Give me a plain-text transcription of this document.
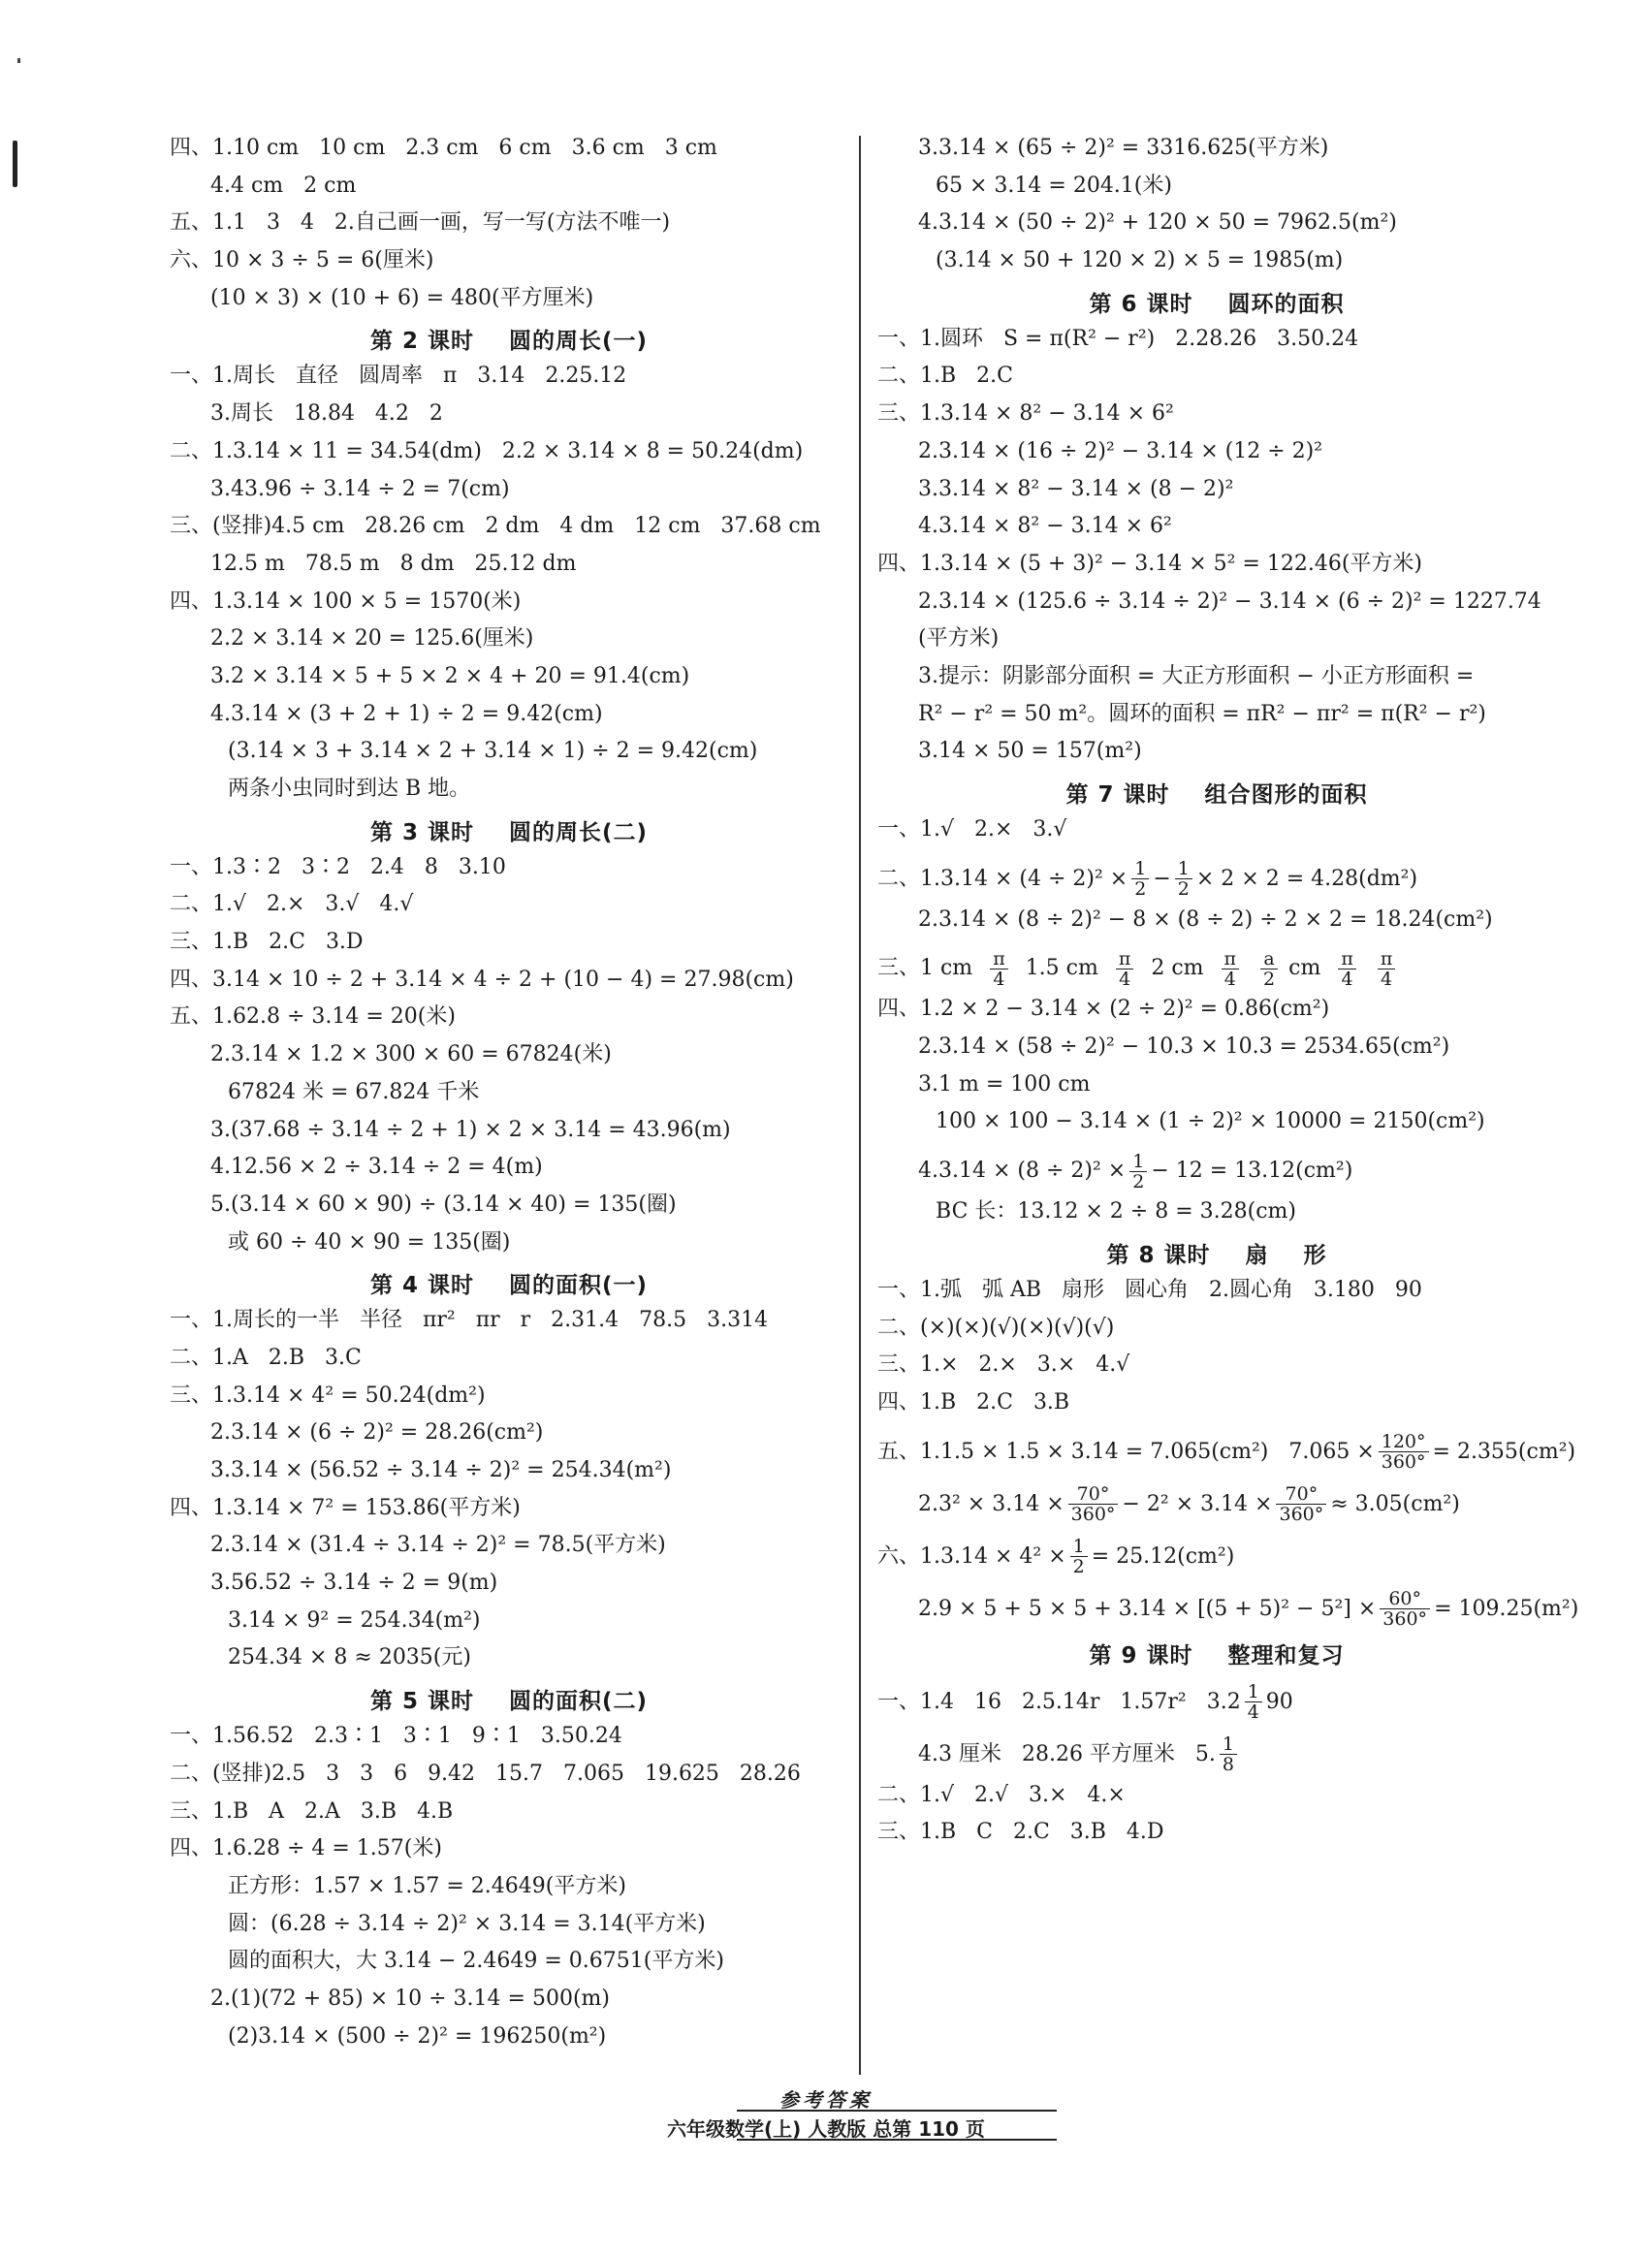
四、1.10 cm   10 cm   2.3 cm   6 cm   3.6 cm   3 cm
4.4 cm   2 cm
五、1.1   3   4   2.自己画一画，写一写(方法不唯一)
六、10 × 3 ÷ 5 = 6(厘米)
(10 × 3) × (10 + 6) = 480(平方厘米)
第 2 课时    圆的周长(一)
一、1.周长   直径   圆周率   π   3.14   2.25.12
3.周长   18.84   4.2   2
二、1.3.14 × 11 = 34.54(dm)   2.2 × 3.14 × 8 = 50.24(dm)
3.43.96 ÷ 3.14 ÷ 2 = 7(cm)
三、(竖排)4.5 cm   28.26 cm   2 dm   4 dm   12 cm   37.68 cm
12.5 m   78.5 m   8 dm   25.12 dm
四、1.3.14 × 100 × 5 = 1570(米)
2.2 × 3.14 × 20 = 125.6(厘米)
3.2 × 3.14 × 5 + 5 × 2 × 4 + 20 = 91.4(cm)
4.3.14 × (3 + 2 + 1) ÷ 2 = 9.42(cm)
(3.14 × 3 + 3.14 × 2 + 3.14 × 1) ÷ 2 = 9.42(cm)
两条小虫同时到达 B 地。
第 3 课时    圆的周长(二)
一、1.3∶2   3∶2   2.4   8   3.10
二、1.√   2.×   3.√   4.√
三、1.B   2.C   3.D
四、3.14 × 10 ÷ 2 + 3.14 × 4 ÷ 2 + (10 − 4) = 27.98(cm)
五、1.62.8 ÷ 3.14 = 20(米)
2.3.14 × 1.2 × 300 × 60 = 67824(米)
67824 米 = 67.824 千米
3.(37.68 ÷ 3.14 ÷ 2 + 1) × 2 × 3.14 = 43.96(m)
4.12.56 × 2 ÷ 3.14 ÷ 2 = 4(m)
5.(3.14 × 60 × 90) ÷ (3.14 × 40) = 135(圈)
或 60 ÷ 40 × 90 = 135(圈)
第 4 课时    圆的面积(一)
一、1.周长的一半   半径   πr²   πr   r   2.31.4   78.5   3.314
二、1.A   2.B   3.C
三、1.3.14 × 4² = 50.24(dm²)
2.3.14 × (6 ÷ 2)² = 28.26(cm²)
3.3.14 × (56.52 ÷ 3.14 ÷ 2)² = 254.34(m²)
四、1.3.14 × 7² = 153.86(平方米)
2.3.14 × (31.4 ÷ 3.14 ÷ 2)² = 78.5(平方米)
3.56.52 ÷ 3.14 ÷ 2 = 9(m)
3.14 × 9² = 254.34(m²)
254.34 × 8 ≈ 2035(元)
第 5 课时    圆的面积(二)
一、1.56.52   2.3∶1   3∶1   9∶1   3.50.24
二、(竖排)2.5   3   3   6   9.42   15.7   7.065   19.625   28.26
三、1.B   A   2.A   3.B   4.B
四、1.6.28 ÷ 4 = 1.57(米)
正方形：1.57 × 1.57 = 2.4649(平方米)
圆：(6.28 ÷ 3.14 ÷ 2)² × 3.14 = 3.14(平方米)
圆的面积大，大 3.14 − 2.4649 = 0.6751(平方米)
2.(1)(72 + 85) × 10 ÷ 3.14 = 500(m)
(2)3.14 × (500 ÷ 2)² = 196250(m²)
3.3.14 × (65 ÷ 2)² = 3316.625(平方米)
65 × 3.14 = 204.1(米)
4.3.14 × (50 ÷ 2)² + 120 × 50 = 7962.5(m²)
(3.14 × 50 + 120 × 2) × 5 = 1985(m)
第 6 课时    圆环的面积
一、1.圆环   S = π(R² − r²)   2.28.26   3.50.24
二、1.B   2.C
三、1.3.14 × 8² − 3.14 × 6²
2.3.14 × (16 ÷ 2)² − 3.14 × (12 ÷ 2)²
3.3.14 × 8² − 3.14 × (8 − 2)²
4.3.14 × 8² − 3.14 × 6²
四、1.3.14 × (5 + 3)² − 3.14 × 5² = 122.46(平方米)
2.3.14 × (125.6 ÷ 3.14 ÷ 2)² − 3.14 × (6 ÷ 2)² = 1227.74
(平方米)
3.提示：阴影部分面积 = 大正方形面积 − 小正方形面积 =
R² − r² = 50 m²。圆环的面积 = πR² − πr² = π(R² − r²)
3.14 × 50 = 157(m²)
第 7 课时    组合图形的面积
一、1.√   2.×   3.√
二、$1.3.14 \times (4 \div 2)^2 \times \frac{1}{2} - \frac{1}{2} \times 2 \times 2 = 4.28(dm^2)$
2.3.14 × (8 ÷ 2)² − 8 × (8 ÷ 2) ÷ 2 × 2 = 18.24(cm²)
三、1 cm $\frac{\pi}{4} 1.5$ cm $\frac{\pi}{4} 2$ cm $\frac{\pi}{4}$
$\frac{a}{2}$ cm $\frac{\pi}{4}$
$\frac{\pi}{4}$
四、1.2 × 2 − 3.14 × (2 ÷ 2)² = 0.86(cm²)
2.3.14 × (58 ÷ 2)² − 10.3 × 10.3 = 2534.65(cm²)
3.1 m = 100 cm
100 × 100 − 3.14 × (1 ÷ 2)² × 10000 = 2150(cm²)
$4.3.14 \times (8 \div 2)^2 \times \frac{1}{2} - 12 = 13.12(cm^2)$
BC 长：13.12 × 2 ÷ 8 = 3.28(cm)
第 8 课时    扇    形
一、1.弧   弧 AB   扇形   圆心角   2.圆心角   3.180   90
二、(×)(×)(√)(×)(√)(√)
三、1.×   2.×   3.×   4.√
四、1.B   2.C   3.B
五、1.1.5 × 1.5 × 3.14 = 7.065(cm²)   $7.065 \times \frac{120^\circ}{360^\circ} = 2.355(cm^2)$
$2.3^2 \times 3.14 \times \frac{70^\circ}{360^\circ} - 2^2 \times 3.14 \times \frac{70^\circ}{360^\circ} \approx 3.05(cm^2)$
六、$1.3.14 \times 4^2 \times \frac{1}{2} = 25.12(cm^2)$
$2.9 \times 5 + 5 \times 5 + 3.14 \times [(5 + 5)^2 - 5^2] \times \frac{60^\circ}{360^\circ} = 109.25(m^2)$
第 9 课时    整理和复习
一、1.4   16   2.5.14r   1.57r²   $3.2 \frac{1}{4} 90$
4.3 厘米   28.26 平方厘米   5. $\frac{1}{8}$
二、1.√   2.√   3.×   4.×
三、1.B   C   2.C   3.B   4.D
参考答案
六年级数学(上) 人教版 总第 110 页
